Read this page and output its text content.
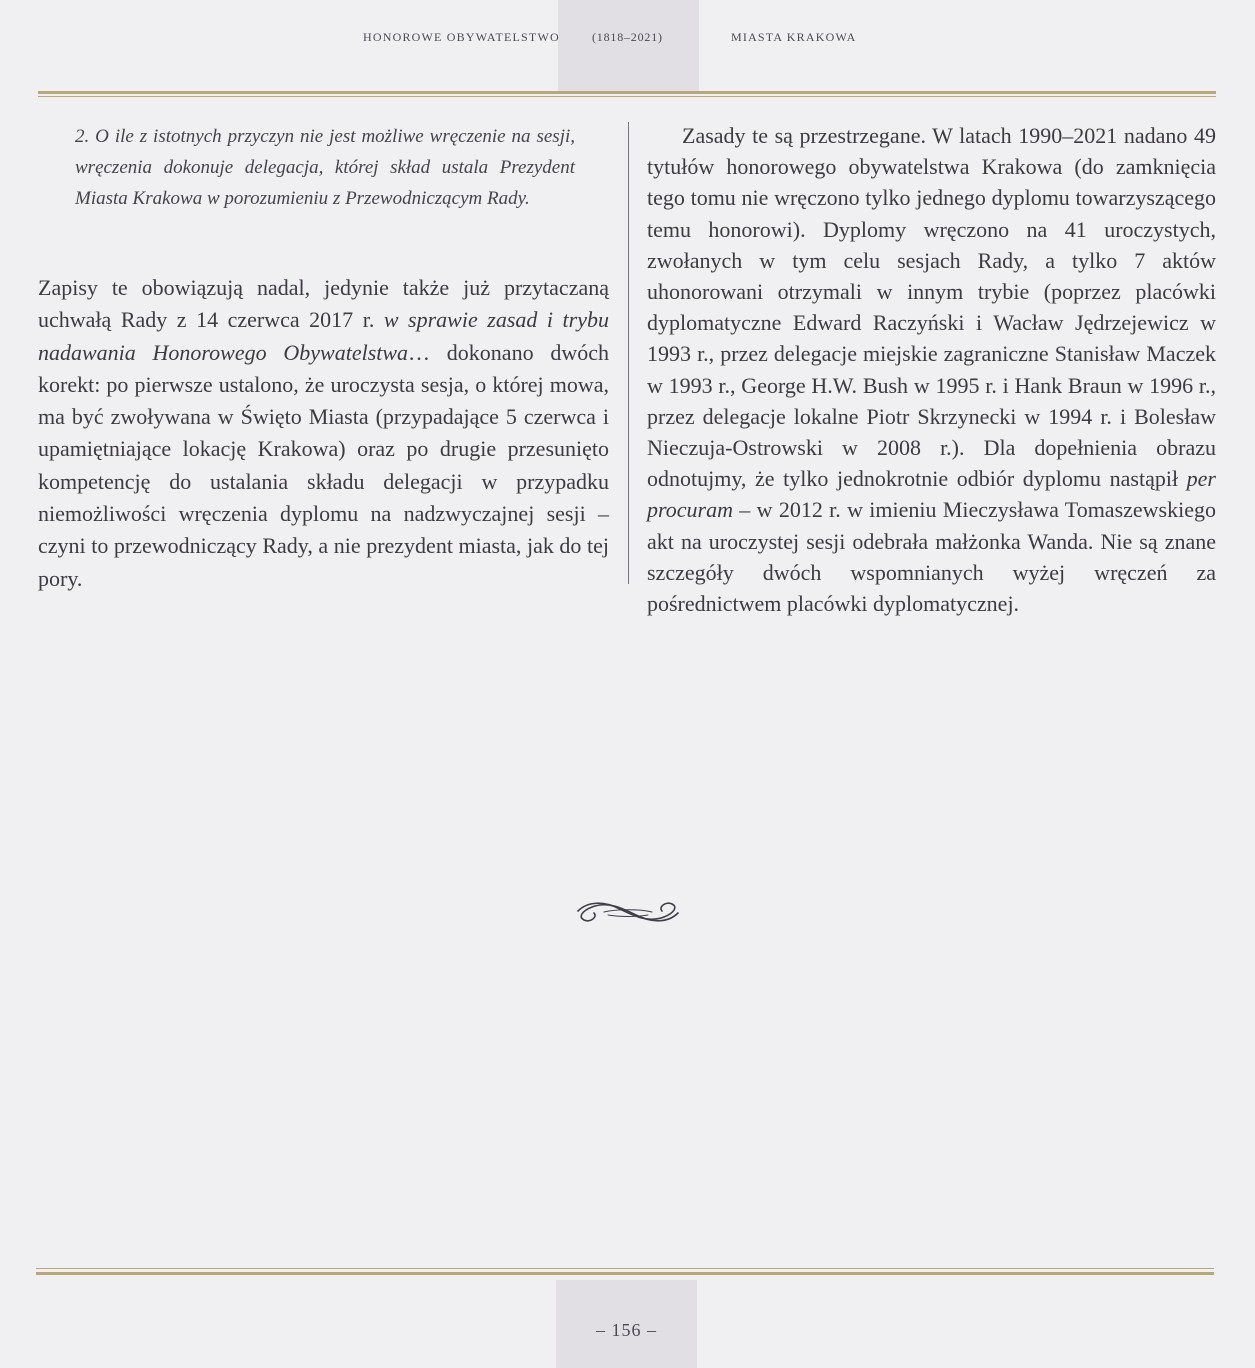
HONOROWE OBYWATELSTWO	(1818–2021)	MIASTA KRAKOWA

2. O ile z istotnych przyczyn nie jest możliwe wręczenie na sesji, wręczenia dokonuje delegacja, której skład ustala Prezydent Miasta Krakowa w porozumieniu z Przewodniczącym Rady.

Zapisy te obowiązują nadal, jedynie także już przytaczaną uchwałą Rady z 14 czerwca 2017 r. w sprawie zasad i trybu nadawania Honorowego Obywatelstwa… dokonano dwóch korekt: po pierwsze ustalono, że uroczysta sesja, o której mowa, ma być zwoływana w Święto Miasta (przypadające 5 czerwca i upamiętniające lokację Krakowa) oraz po drugie przesunięto kompetencję do ustalania składu delegacji w przypadku niemożliwości wręczenia dyplomu na nadzwyczajnej sesji – czyni to przewodniczący Rady, a nie prezydent miasta, jak do tej pory.

Zasady te są przestrzegane. W latach 1990–2021 nadano 49 tytułów honorowego obywatelstwa Krakowa (do zamknięcia tego tomu nie wręczono tylko jednego dyplomu towarzyszącego temu honorowi). Dyplomy wręczono na 41 uroczystych, zwołanych w tym celu sesjach Rady, a tylko 7 aktów uhonorowani otrzymali w innym trybie (poprzez placówki dyplomatyczne Edward Raczyński i Wacław Jędrzejewicz w 1993 r., przez delegacje miejskie zagraniczne Stanisław Maczek w 1993 r., George H.W. Bush w 1995 r. i Hank Braun w 1996 r., przez delegacje lokalne Piotr Skrzynecki w 1994 r. i Bolesław Nieczuja-Ostrowski w 2008 r.). Dla dopełnienia obrazu odnotujmy, że tylko jednokrotnie odbiór dyplomu nastąpił per procuram – w 2012 r. w imieniu Mieczysława Tomaszewskiego akt na uroczystej sesji odebrała małżonka Wanda. Nie są znane szczegóły dwóch wspomnianych wyżej wręczeń za pośrednictwem placówki dyplomatycznej.

– 156 –
